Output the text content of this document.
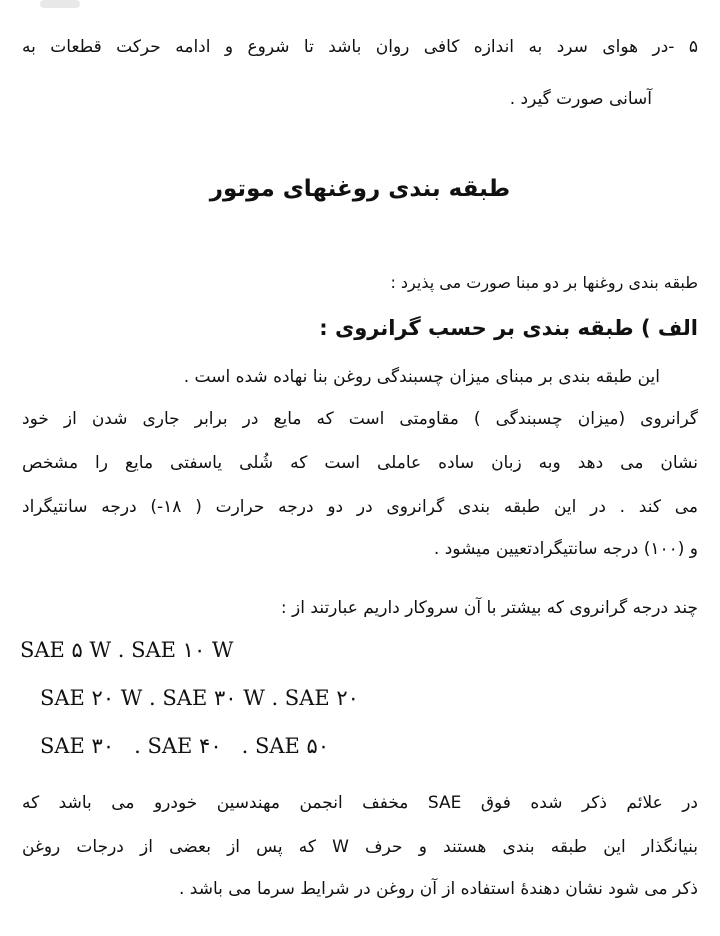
۵ -در هوای سرد به اندازه کافی روان باشد تا شروع و ادامه حرکت قطعات به
آسانی صورت گیرد .
طبقه بندی روغنهای موتور
طبقه بندی روغنها بر دو مبنا صورت می پذیرد :
الف ) طبقه بندی بر حسب گرانروی :
این طبقه بندی بر مبنای میزان چسبندگی روغن بنا نهاده شده است .
گرانروی (میزان چسبندگی ) مقاومتی است که مایع در برابر جاری شدن از خود
نشان می دهد وبه زبان ساده عاملی است که شُلی یاسفتی مایع را مشخص
می کند . در این طبقه بندی گرانروی در دو درجه حرارت ( ۱۸-) درجه سانتیگراد
و (۱۰۰) درجه سانتیگرادتعیین میشود .
چند درجه گرانروی که بیشتر با آن سروکار داریم عبارتند از :
SAE ۵ W . SAE ۱۰ W
SAE ۲۰ W . SAE ۳۰ W . SAE ۲۰
SAE ۳۰   . SAE ۴۰   . SAE ۵۰
در علائم ذکر شده فوق SAE مخفف انجمن مهندسین خودرو می باشد که
بنیانگذار این طبقه بندی هستند و حرف W که پس از بعضی از درجات روغن
ذکر می شود نشان دهندهٔ استفاده از آن روغن در شرایط سرما می باشد .
